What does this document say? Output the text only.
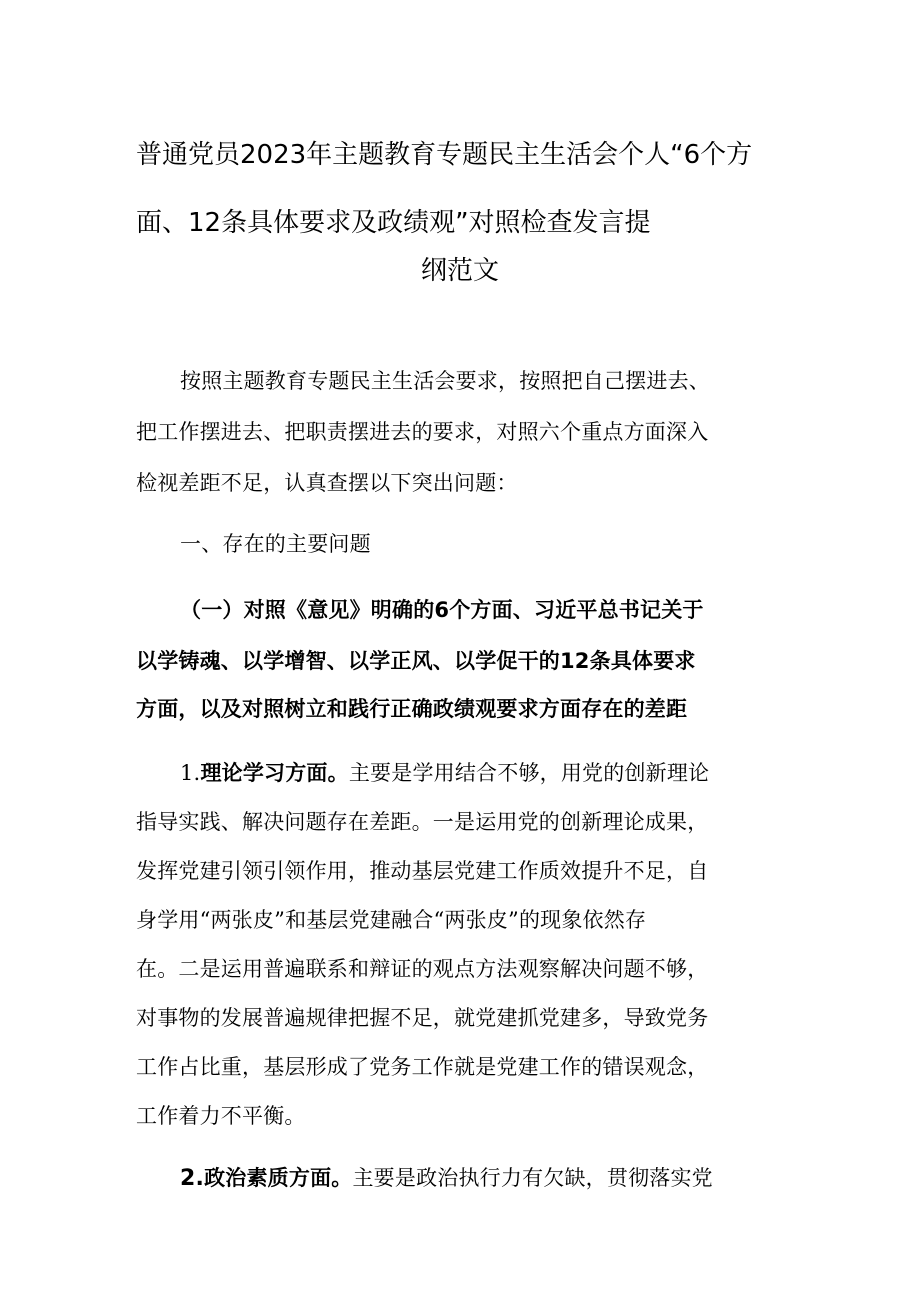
普通党员2023年主题教育专题民主生活会个人“6个方
面、12条具体要求及政绩观”对照检查发言提
纲范文
按照主题教育专题民主生活会要求，按照把自己摆进去、
把工作摆进去、把职责摆进去的要求，对照六个重点方面深入
检视差距不足，认真查摆以下突出问题：
一、存在的主要问题
（一）对照《意见》明确的6个方面、习近平总书记关于
以学铸魂、以学增智、以学正风、以学促干的12条具体要求
方面，以及对照树立和践行正确政绩观要求方面存在的差距
1.理论学习方面。主要是学用结合不够，用党的创新理论
指导实践、解决问题存在差距。一是运用党的创新理论成果，
发挥党建引领引领作用，推动基层党建工作质效提升不足，自
身学用“两张皮”和基层党建融合“两张皮”的现象依然存
在。二是运用普遍联系和辩证的观点方法观察解决问题不够，
对事物的发展普遍规律把握不足，就党建抓党建多，导致党务
工作占比重，基层形成了党务工作就是党建工作的错误观念，
工作着力不平衡。
2.政治素质方面。主要是政治执行力有欠缺，贯彻落实党
